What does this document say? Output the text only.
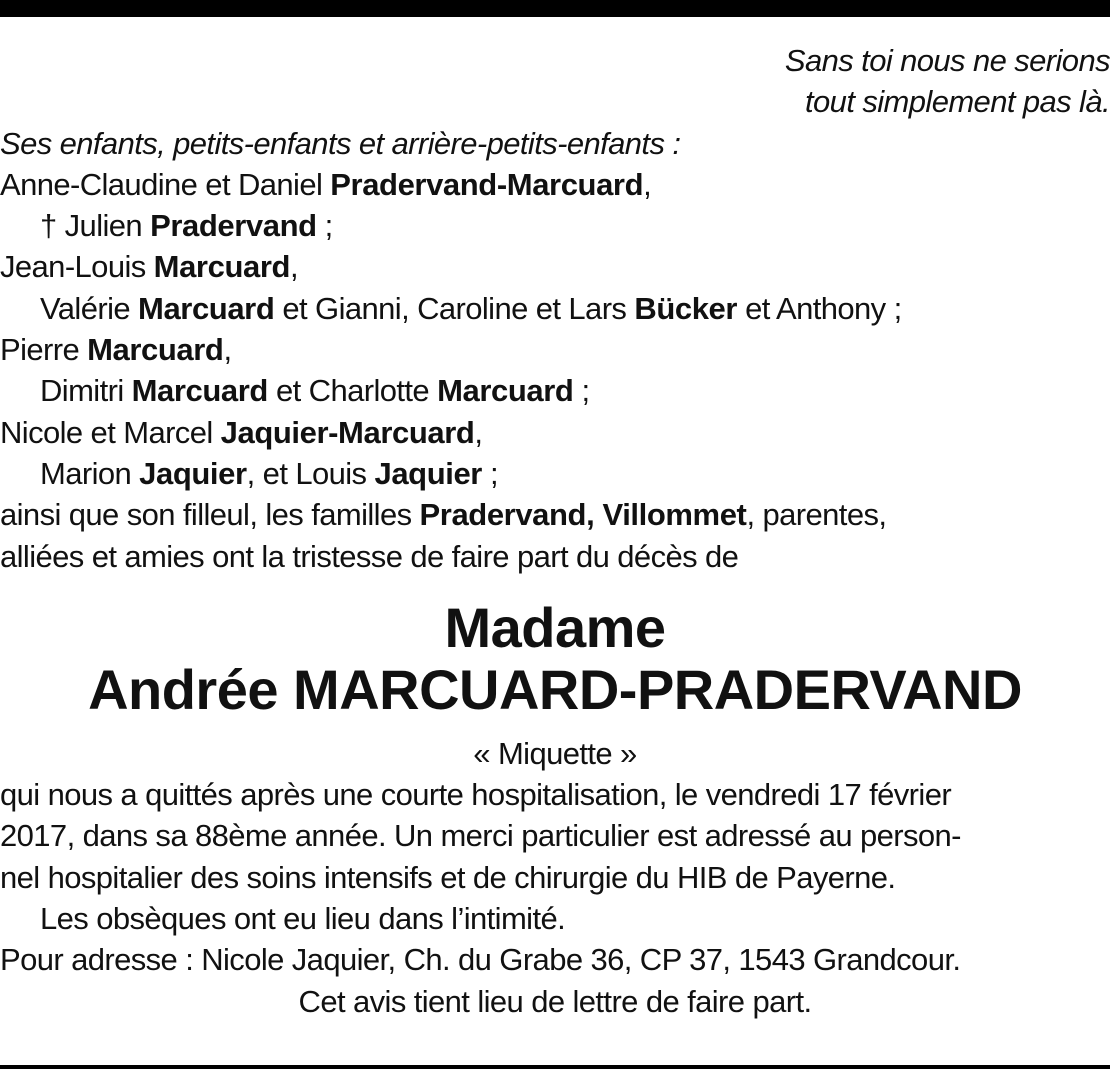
Sans toi nous ne serions
tout simplement pas là.
Ses enfants, petits-enfants et arrière-petits-enfants :
Anne-Claudine et Daniel Pradervand-Marcuard,
† Julien Pradervand ;
Jean-Louis Marcuard,
Valérie Marcuard et Gianni, Caroline et Lars Bücker et Anthony ;
Pierre Marcuard,
Dimitri Marcuard et Charlotte Marcuard ;
Nicole et Marcel Jaquier-Marcuard,
Marion Jaquier, et Louis Jaquier ;
ainsi que son filleul, les familles Pradervand, Villommet, parentes,
alliées et amies ont la tristesse de faire part du décès de
Madame
Andrée MARCUARD-PRADERVAND
« Miquette »
qui nous a quittés après une courte hospitalisation, le vendredi 17 février
2017, dans sa 88ème année. Un merci particulier est adressé au person-
nel hospitalier des soins intensifs et de chirurgie du HIB de Payerne.
Les obsèques ont eu lieu dans l’intimité.
Pour adresse : Nicole Jaquier, Ch. du Grabe 36, CP 37, 1543 Grandcour.
Cet avis tient lieu de lettre de faire part.
